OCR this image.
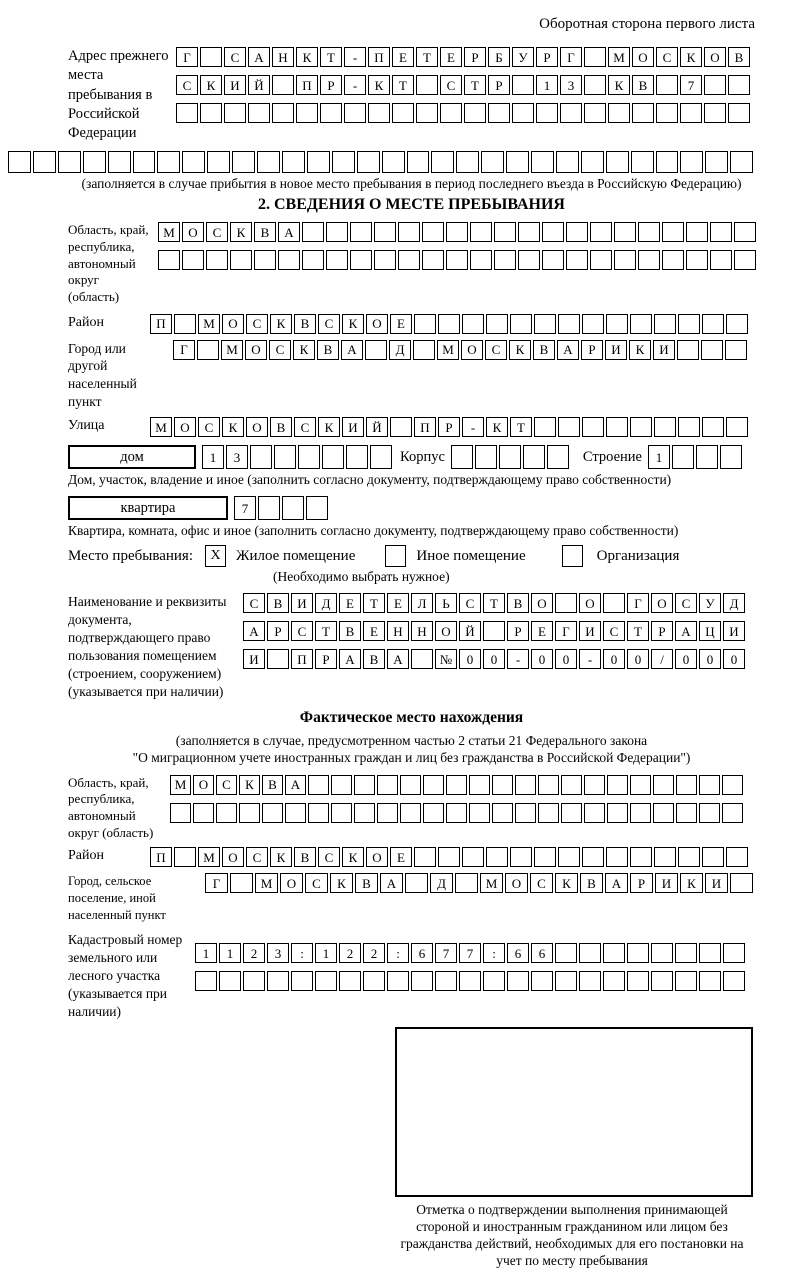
Оборотная сторона первого листа
Адрес прежнего места пребывания в Российской Федерации
Г	С	А	Н	К	Т	-	П	Е	Т	Е	Р	Б	У	Р	Г	М	О	С	К	О	В
С	К	И	Й	П	Р	-	К	Т	С	Т	Р	1	3	К	В	7
(заполняется в случае прибытия в новое место пребывания в период последнего въезда в Российскую Федерацию)
2. СВЕДЕНИЯ О МЕСТЕ ПРЕБЫВАНИЯ
Область, край, республика, автономный округ (область)
М	О	С	К	В	А
Район	П	М	О	С	К	В	С	К	О	Е
Город или другой населенный пункт
Г	М	О	С	К	В	А	Д	М	О	С	К	В	А	Р	И	К	И
Улица	М	О	С	К	О	В	С	К	И	Й	П	Р	-	К	Т
дом	1	3	Корпус	Строение	1
Дом, участок, владение и иное (заполнить согласно документу, подтверждающему право собственности)
квартира	7
Квартира, комната, офис и иное (заполнить согласно документу, подтверждающему право собственности)
Место пребывания:	X	Жилое помещение	Иное помещение	Организация
(Необходимо выбрать нужное)
Наименование и реквизиты документа, подтверждающего право пользования помещением (строением, сооружением) (указывается при наличии)
С	В	И	Д	Е	Т	Е	Л	Ь	С	Т	В	О	О	Г	О	С	У	Д
А	Р	С	Т	В	Е	Н	Н	О	Й	Р	Е	Г	И	С	Т	Р	А	Ц	И
И	П	Р	А	В	А	№	0	0	-	0	0	-	0	0	/	0	0	0
Фактическое место нахождения
(заполняется в случае, предусмотренном частью 2 статьи 21 Федерального закона
"О миграционном учете иностранных граждан и лиц без гражданства в Российской Федерации")
Область, край, республика, автономный округ (область)
М О	С	К	В	А
Район	П	М	О	С	К	В	С	К	О	Е
Город, сельское поселение, иной населенный пункт
Г	М	О	С	К	В	А	Д	М	О	С	К	В	А	Р	И	К	И
Кадастровый номер земельного или лесного участка (указывается при наличии)
1	1	2	3	:	1	2	2	:	6	7	7	:	6	6
Отметка о подтверждении выполнения принимающей стороной и иностранным гражданином или лицом без гражданства действий, необходимых для его постановки на учет по месту пребывания
